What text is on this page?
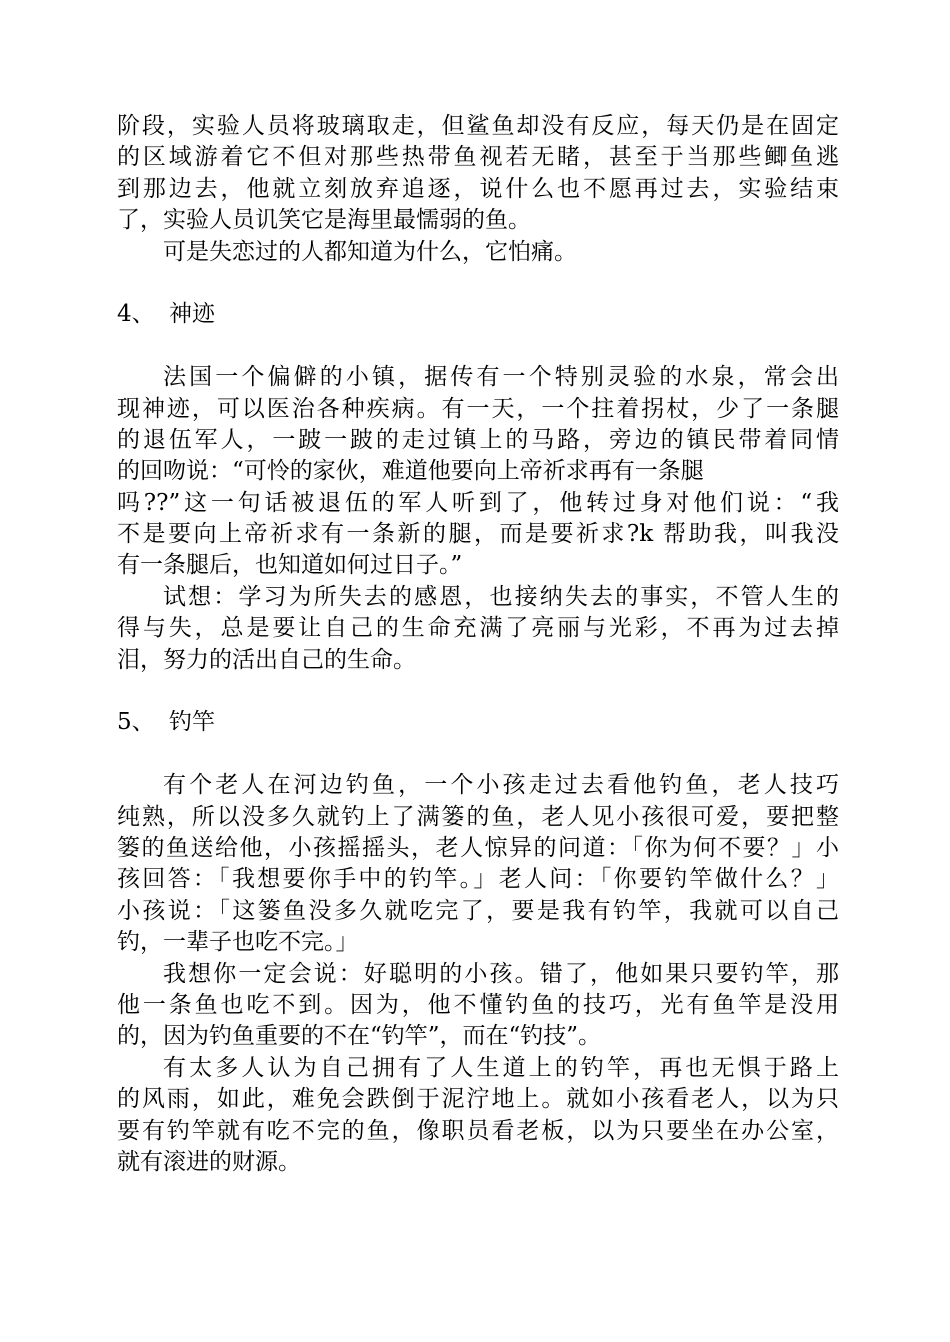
阶段，实验人员将玻璃取走，但鲨鱼却没有反应，每天仍是在固定
的区域游着它不但对那些热带鱼视若无睹，甚至于当那些鲫鱼逃
到那边去，他就立刻放弃追逐，说什么也不愿再过去，实验结束
了，实验人员讥笑它是海里最懦弱的鱼。
可是失恋过的人都知道为什么，它怕痛。
4、 神迹
法国一个偏僻的小镇，据传有一个特别灵验的水泉，常会出
现神迹，可以医治各种疾病。有一天，一个拄着拐杖，少了一条腿
的退伍军人，一跛一跛的走过镇上的马路，旁边的镇民带着同情
的回吻说：“可怜的家伙，难道他要向上帝祈求再有一条腿
吗??”这一句话被退伍的军人听到了，他转过身对他们说：“我
不是要向上帝祈求有一条新的腿，而是要祈求?k 帮助我，叫我没
有一条腿后，也知道如何过日子。”
试想：学习为所失去的感恩，也接纳失去的事实，不管人生的
得与失，总是要让自己的生命充满了亮丽与光彩，不再为过去掉
泪，努力的活出自己的生命。
5、 钓竿
有个老人在河边钓鱼，一个小孩走过去看他钓鱼，老人技巧
纯熟，所以没多久就钓上了满篓的鱼，老人见小孩很可爱，要把整
篓的鱼送给他，小孩摇摇头，老人惊异的问道：「你为何不要？」小
孩回答：「我想要你手中的钓竿。」老人问：「你要钓竿做什么？」
小孩说：「这篓鱼没多久就吃完了，要是我有钓竿，我就可以自己
钓，一辈子也吃不完。」
我想你一定会说：好聪明的小孩。错了，他如果只要钓竿，那
他一条鱼也吃不到。因为，他不懂钓鱼的技巧，光有鱼竿是没用
的，因为钓鱼重要的不在“钓竿”，而在“钓技”。
有太多人认为自己拥有了人生道上的钓竿，再也无惧于路上
的风雨，如此，难免会跌倒于泥泞地上。就如小孩看老人，以为只
要有钓竿就有吃不完的鱼，像职员看老板，以为只要坐在办公室，
就有滚进的财源。
